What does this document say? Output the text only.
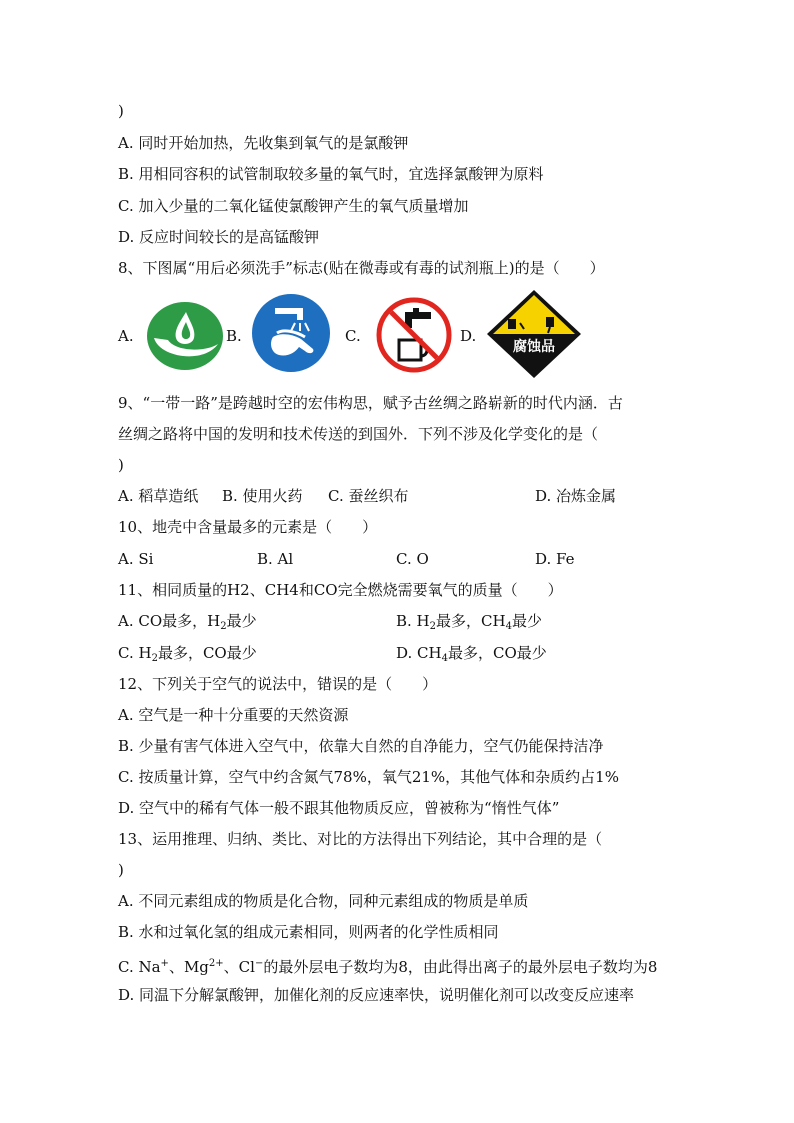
)
A. 同时开始加热，先收集到氧气的是氯酸钾
B. 用相同容积的试管制取较多量的氧气时，宜选择氯酸钾为原料
C. 加入少量的二氧化锰使氯酸钾产生的氧气质量增加
D. 反应时间较长的是高锰酸钾
8、下图属“用后必须洗手”标志(贴在微毒或有毒的试剂瓶上)的是（　　）
A.	B.	C.	D.
腐蚀品
9、“一带一路”是跨越时空的宏伟构思，赋予古丝绸之路崭新的时代内涵．古
丝绸之路将中国的发明和技术传送的到国外．下列不涉及化学变化的是（
)
A. 稻草造纸 B. 使用火药 C. 蚕丝织布	D. 冶炼金属
10、地壳中含量最多的元素是（　　）
A. Si	B. Al	C. O	D. Fe
11、相同质量的H2、CH4和CO完全燃烧需要氧气的质量（　　）
A. CO最多，$H_2$最少	B. $H_2$最多，$CH_4$最少
C. $H_2$最多，CO最少	D. $CH_4$最多，CO最少
12、下列关于空气的说法中，错误的是（　　）
A. 空气是一种十分重要的天然资源
B. 少量有害气体进入空气中，依靠大自然的自净能力，空气仍能保持洁净
C. 按质量计算，空气中约含氮气78%，氧气21%，其他气体和杂质约占1%
D. 空气中的稀有气体一般不跟其他物质反应，曾被称为“惰性气体”
13、运用推理、归纳、类比、对比的方法得出下列结论，其中合理的是（
)
A. 不同元素组成的物质是化合物，同种元素组成的物质是单质
B. 水和过氧化氢的组成元素相同，则两者的化学性质相同
C. Na+、$Mg^{2+}$、Cl−的最外层电子数均为8，由此得出离子的最外层电子数均为8
D. 同温下分解氯酸钾，加催化剂的反应速率快，说明催化剂可以改变反应速率
